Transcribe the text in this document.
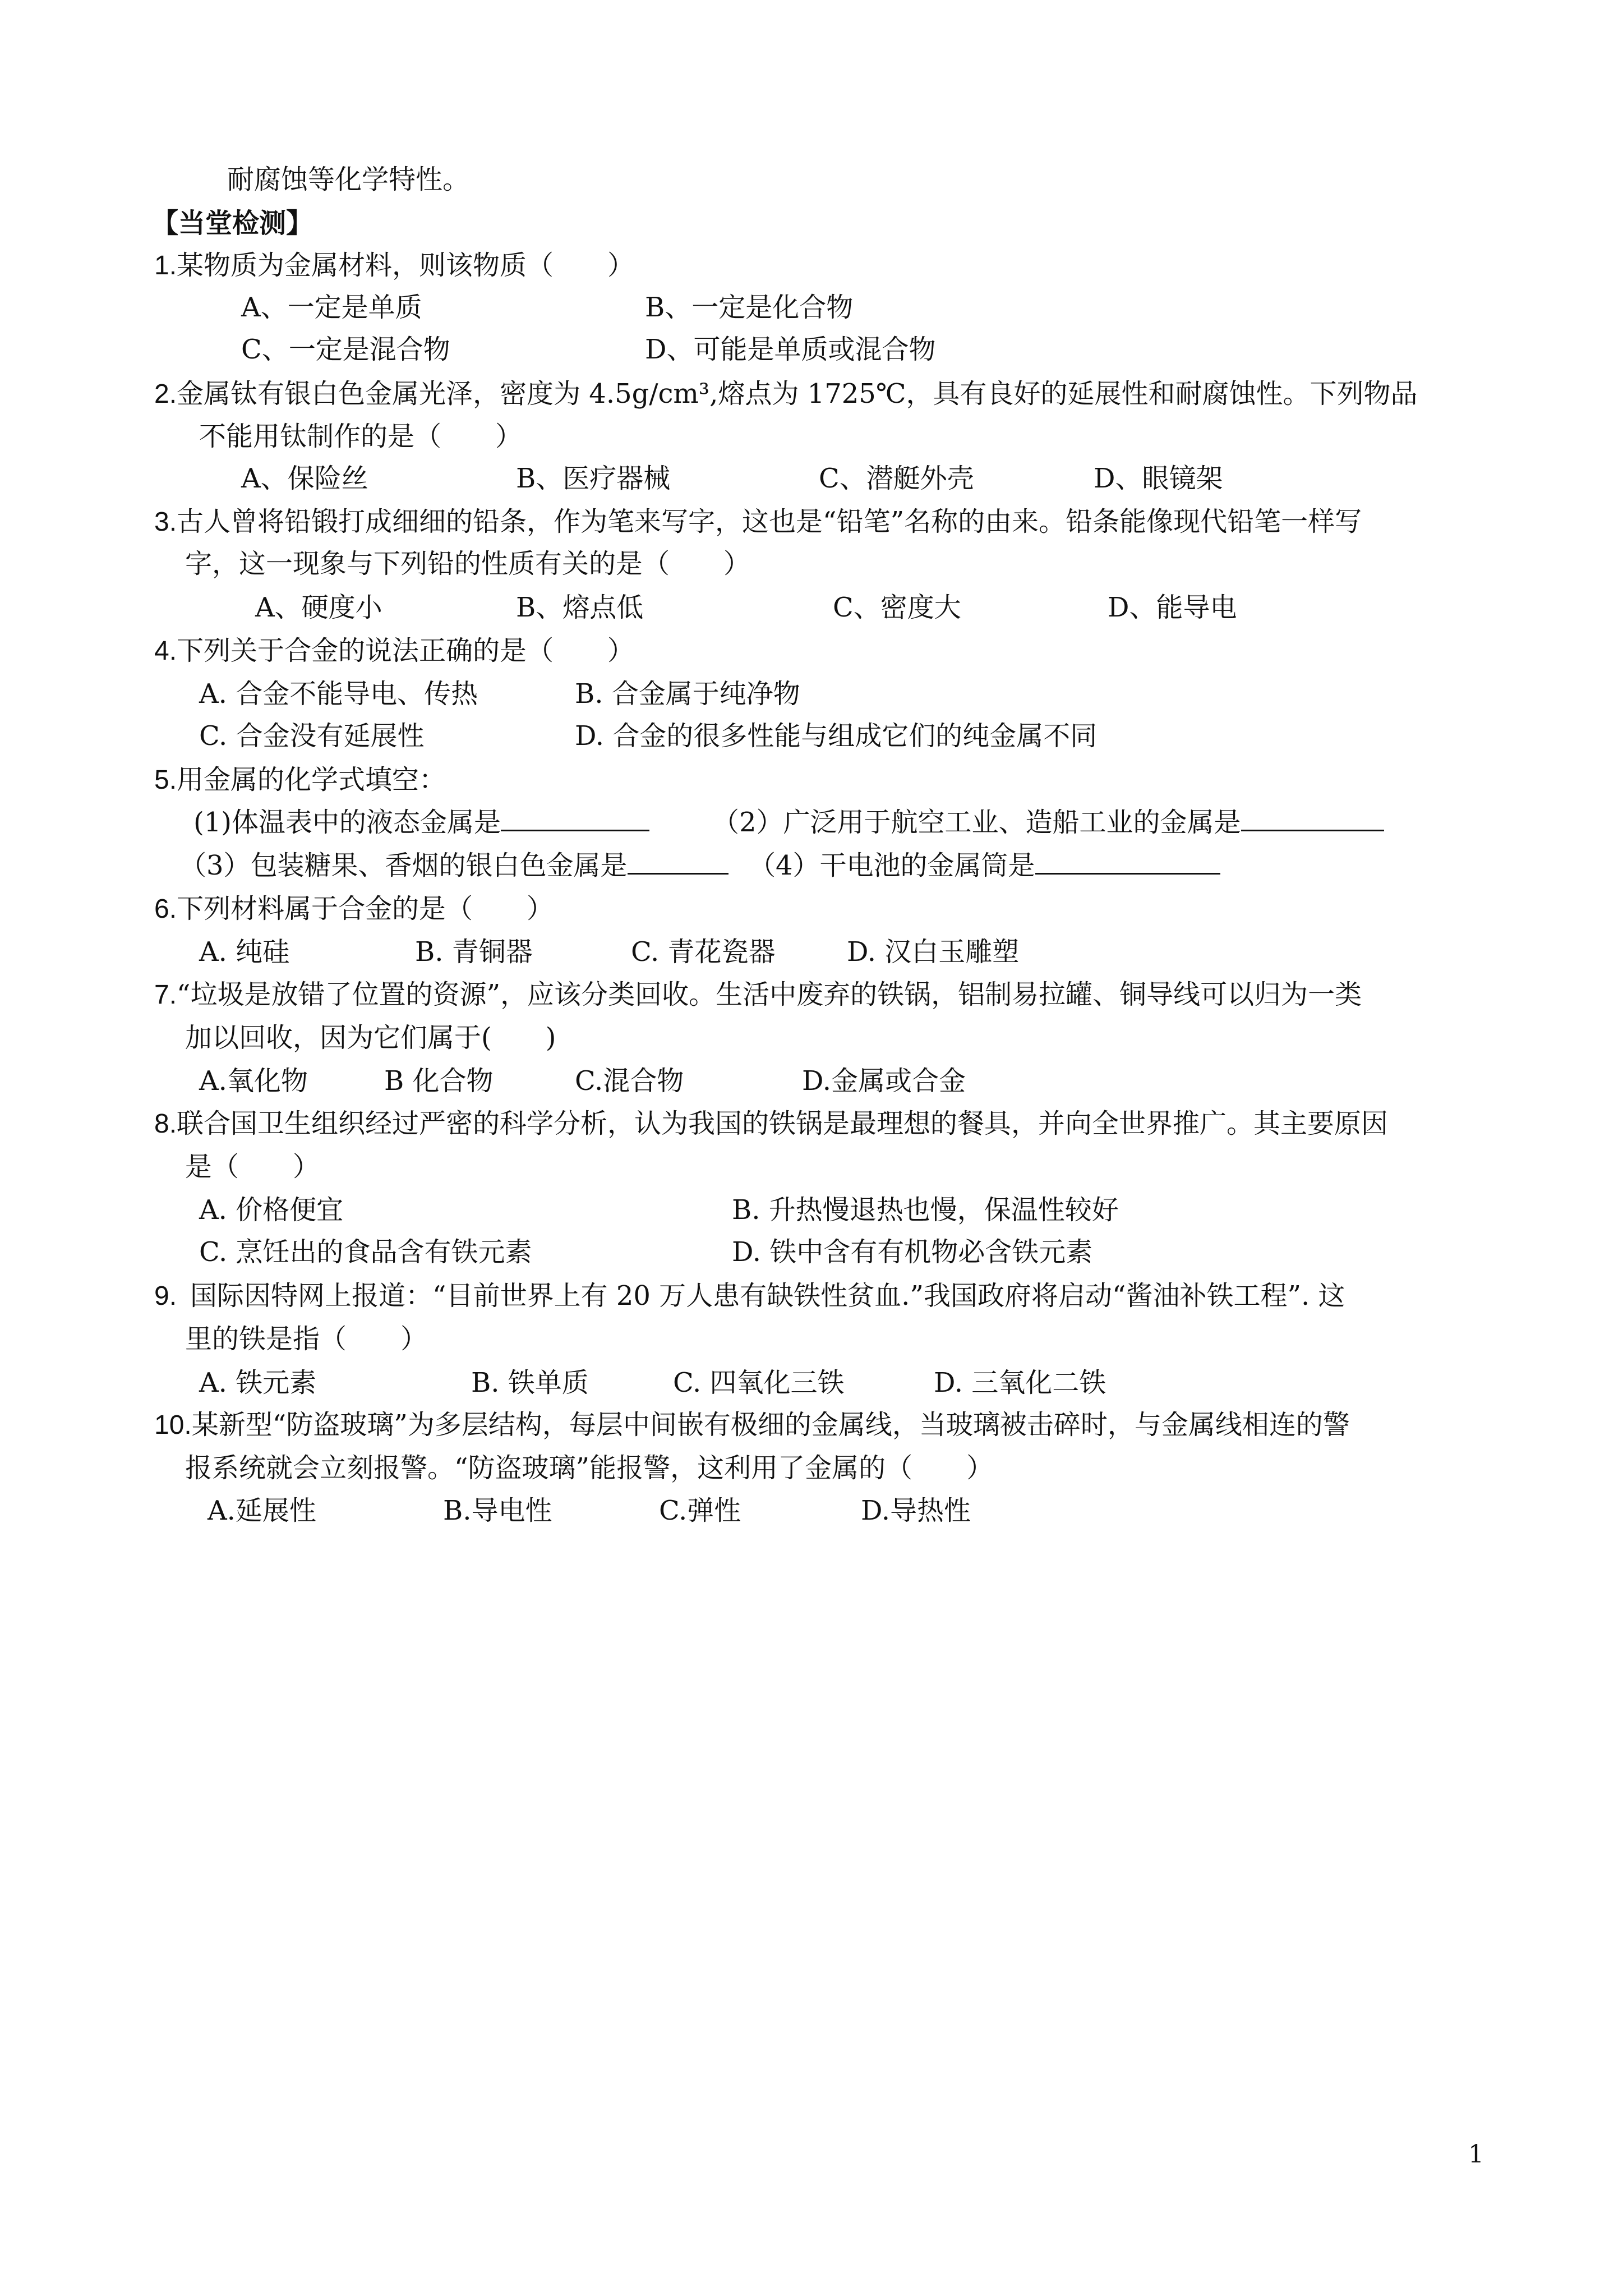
耐腐蚀等化学特性。
【当堂检测】
1.某物质为金属材料，则该物质（　　）
A、一定是单质	B、一定是化合物
C、一定是混合物	D、可能是单质或混合物
2.金属钛有银白色金属光泽，密度为 4.5g/cm³,熔点为 1725℃，具有良好的延展性和耐腐蚀性。下列物品
不能用钛制作的是（　　）
A、保险丝	B、医疗器械	C、潜艇外壳	D、眼镜架
3.古人曾将铅锻打成细细的铅条，作为笔来写字，这也是“铅笔”名称的由来。铅条能像现代铅笔一样写
字，这一现象与下列铅的性质有关的是（　　）
A、硬度小	B、熔点低	C、密度大	D、能导电
4.下列关于合金的说法正确的是（　　）
A. 合金不能导电、传热	B. 合金属于纯净物
C. 合金没有延展性	D. 合金的很多性能与组成它们的纯金属不同
5.用金属的化学式填空：
(1)体温表中的液态金属是	（2）广泛用于航空工业、造船工业的金属是
（3）包装糖果、香烟的银白色金属是	（4）干电池的金属筒是
6.下列材料属于合金的是（　　）
A. 纯硅	B. 青铜器	C. 青花瓷器	D. 汉白玉雕塑
7.“垃圾是放错了位置的资源”，应该分类回收。生活中废弃的铁锅，铝制易拉罐、铜导线可以归为一类
加以回收，因为它们属于(　　)
A.氧化物	B 化合物	C.混合物	D.金属或合金
8.联合国卫生组织经过严密的科学分析，认为我国的铁锅是最理想的餐具，并向全世界推广。其主要原因
是（　　）
A. 价格便宜	B. 升热慢退热也慢，保温性较好
C. 烹饪出的食品含有铁元素	D. 铁中含有有机物必含铁元素
9. 国际因特网上报道：“目前世界上有 20 万人患有缺铁性贫血.”我国政府将启动“酱油补铁工程”. 这
里的铁是指（　　）
A. 铁元素	B. 铁单质	C. 四氧化三铁	D. 三氧化二铁
10.某新型“防盗玻璃”为多层结构，每层中间嵌有极细的金属线，当玻璃被击碎时，与金属线相连的警
报系统就会立刻报警。“防盗玻璃”能报警，这利用了金属的（　　）
A.延展性	B.导电性	C.弹性	D.导热性
1
